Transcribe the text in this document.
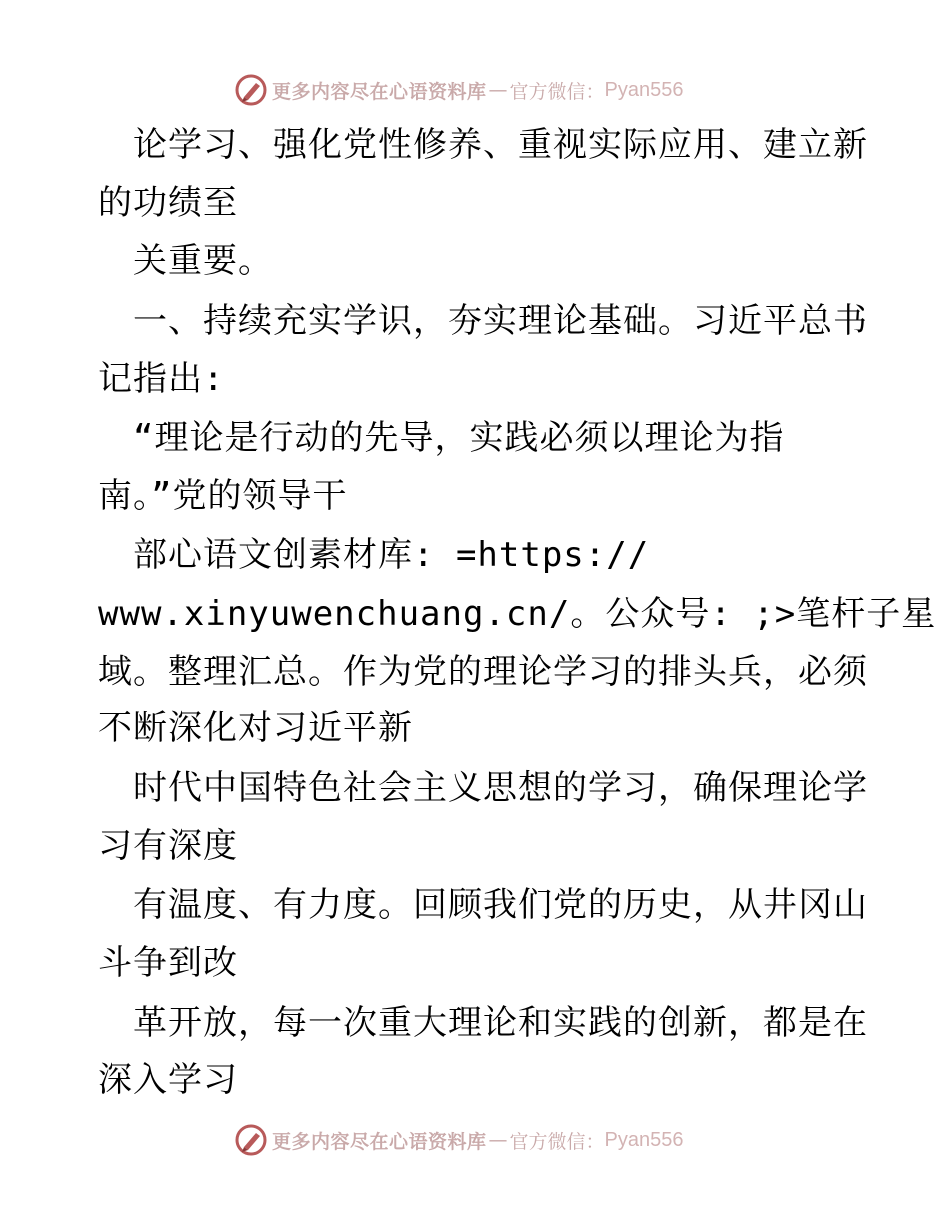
更多内容尽在心语资料库 — 官方微信： Pyan556
　论学习、强化党性修养、重视实际应用、建立新
的功绩至
　关重要。
　一、持续充实学识，夯实理论基础。习近平总书
记指出:
　“理论是行动的先导，实践必须以理论为指
南。”党的领导干
　部心语文创素材库: =https://
www.xinyuwenchuang.cn/。公众号: ;>笔杆子星
域。整理汇总。作为党的理论学习的排头兵，必须
不断深化对习近平新
　时代中国特色社会主义思想的学习，确保理论学
习有深度
　有温度、有力度。回顾我们党的历史，从井冈山
斗争到改
　革开放，每一次重大理论和实践的创新，都是在
深入学习
更多内容尽在心语资料库 — 官方微信： Pyan556
